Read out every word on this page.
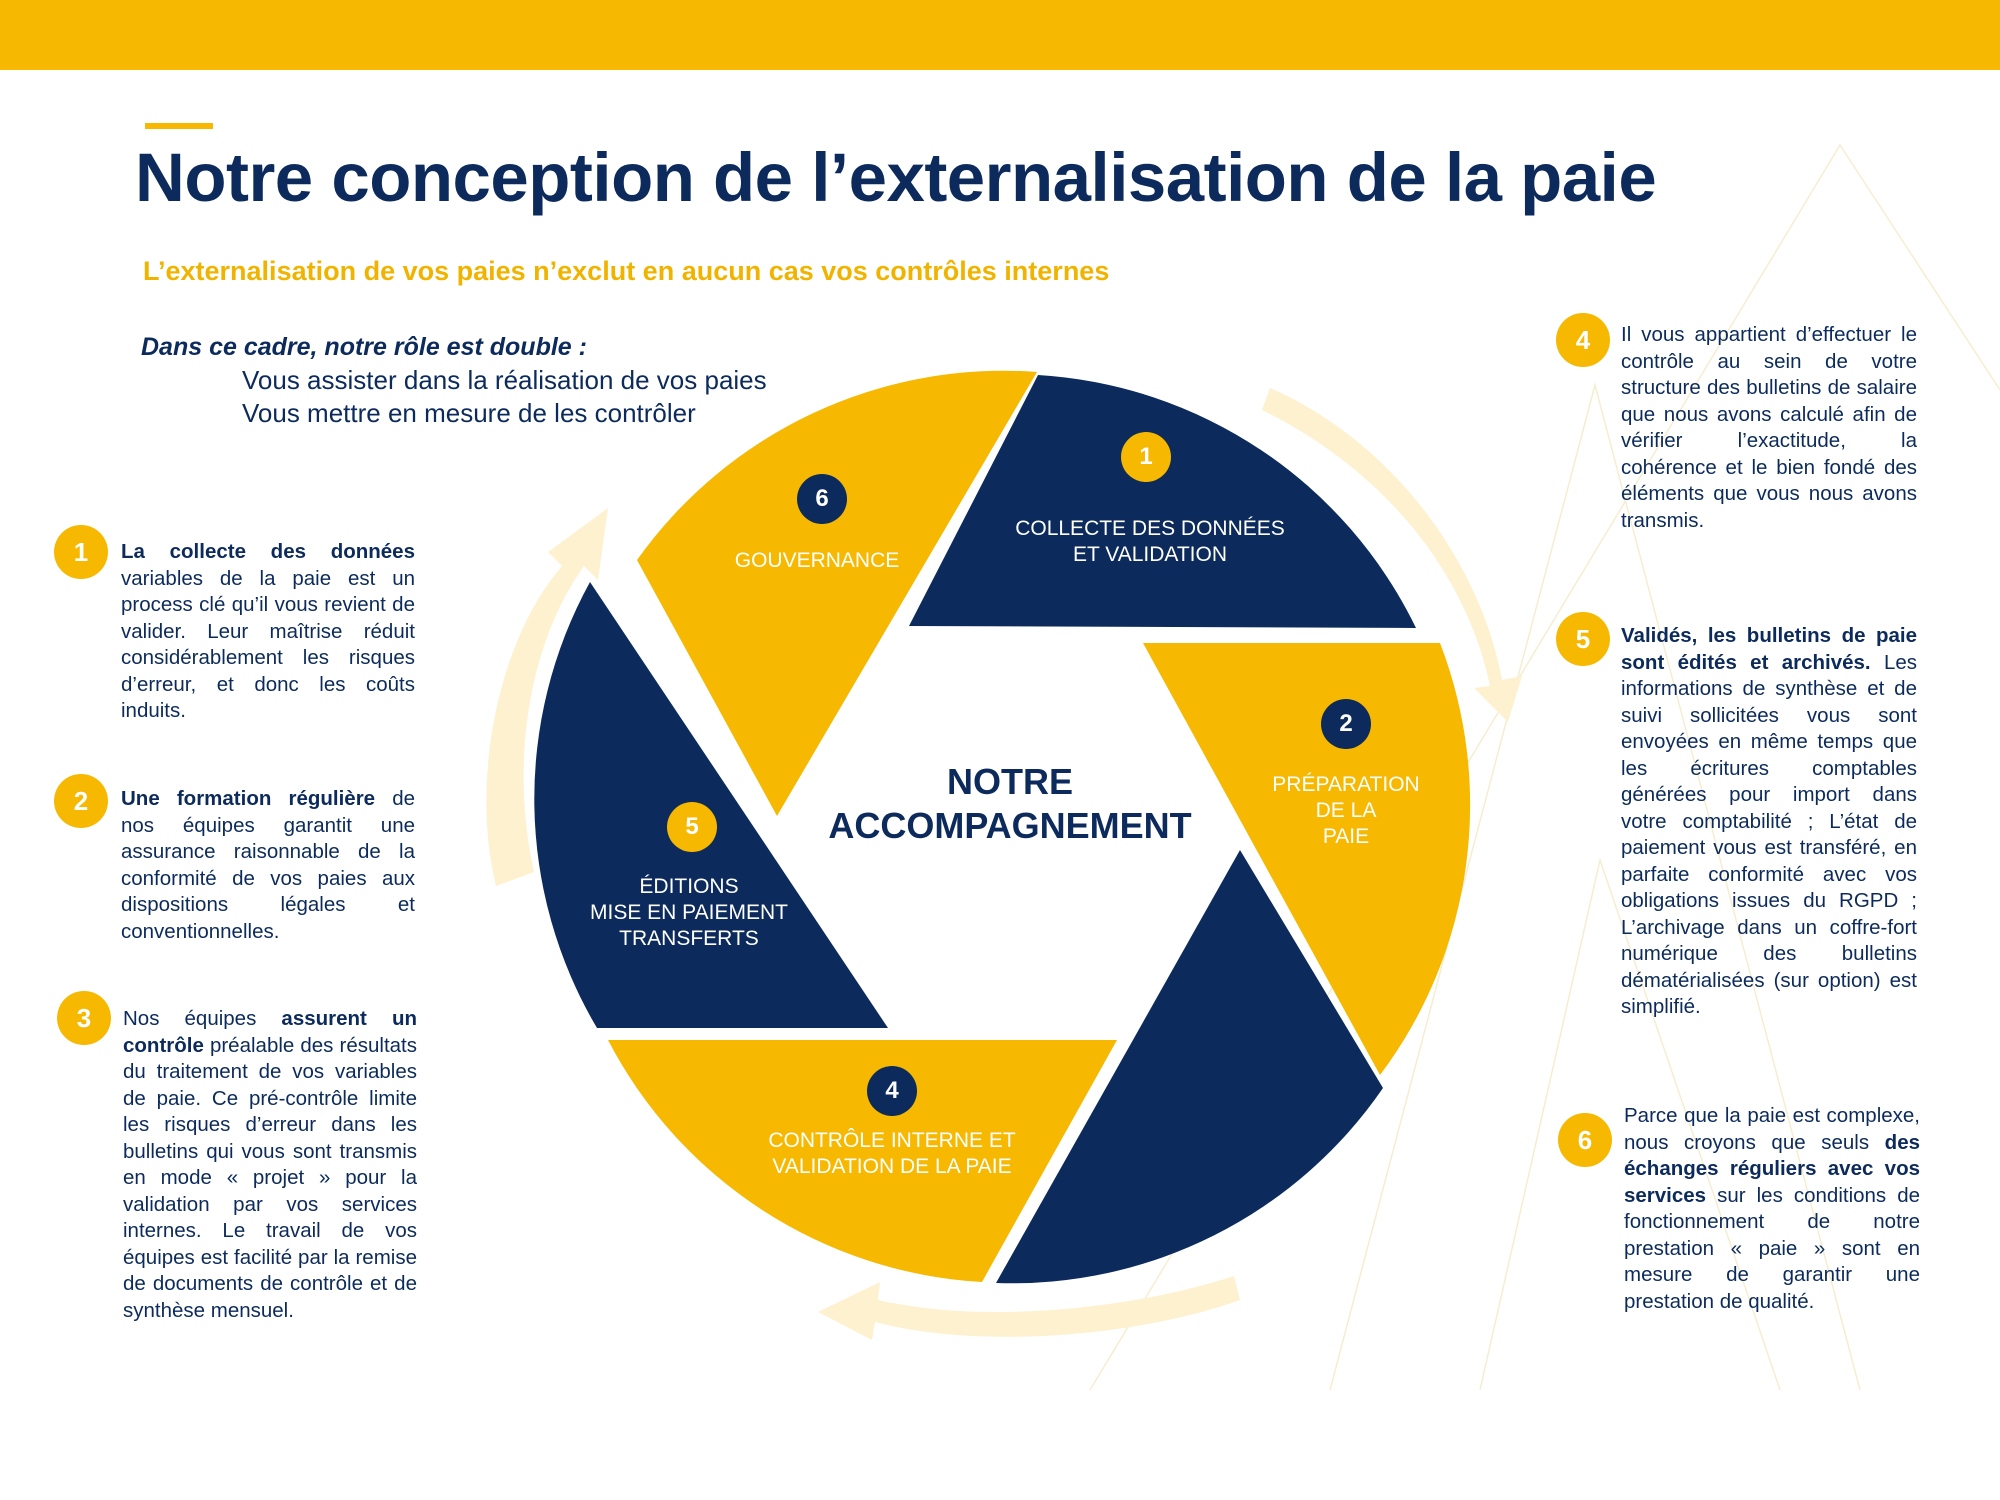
Notre conception de l’externalisation de la paie

L’externalisation de vos paies n’exclut en aucun cas vos contrôles internes

Dans ce cadre, notre rôle est double :

Vous assister dans la réalisation de vos paies

Vous mettre en mesure de les contrôler

1

COLLECTE DES DONNÉES
ET VALIDATION

2

PRÉPARATION
DE LA
PAIE

4

CONTRÔLE INTERNE ET
VALIDATION DE LA PAIE

5

ÉDITIONS
MISE EN PAIEMENT
TRANSFERTS

6

GOUVERNANCE

NOTRE
ACCOMPAGNEMENT

1	La collecte des données variables de la paie est un process clé qu’il vous revient de valider. Leur maîtrise réduit considérablement les risques d’erreur, et donc les coûts induits.

2	Une formation régulière de nos équipes garantit une assurance raisonnable de la conformité de vos paies aux dispositions légales et conventionnelles.

3	Nos équipes assurent un contrôle préalable des résultats du traitement de vos variables de paie. Ce pré-contrôle limite les risques d’erreur dans les bulletins qui vous sont transmis en mode « projet » pour la validation par vos services internes. Le travail de vos équipes est facilité par la remise de documents de contrôle et de synthèse mensuel.

4	Il vous appartient d’effectuer le contrôle au sein de votre structure des bulletins de salaire que nous avons calculé afin de vérifier l’exactitude, la cohérence et le bien fondé des éléments que vous nous avons transmis.

5	Validés, les bulletins de paie sont édités et archivés. Les informations de synthèse et de suivi sollicitées vous sont envoyées en même temps que les écritures comptables générées pour import dans votre comptabilité ; L’état de paiement vous est transféré, en parfaite conformité avec vos obligations issues du RGPD ; L’archivage dans un coffre-fort numérique des bulletins dématérialisées (sur option) est simplifié.

6

Parce que la paie est complexe, nous croyons que seuls des échanges réguliers avec vos services sur les conditions de fonctionnement de notre prestation « paie » sont en mesure de garantir une prestation de qualité.
